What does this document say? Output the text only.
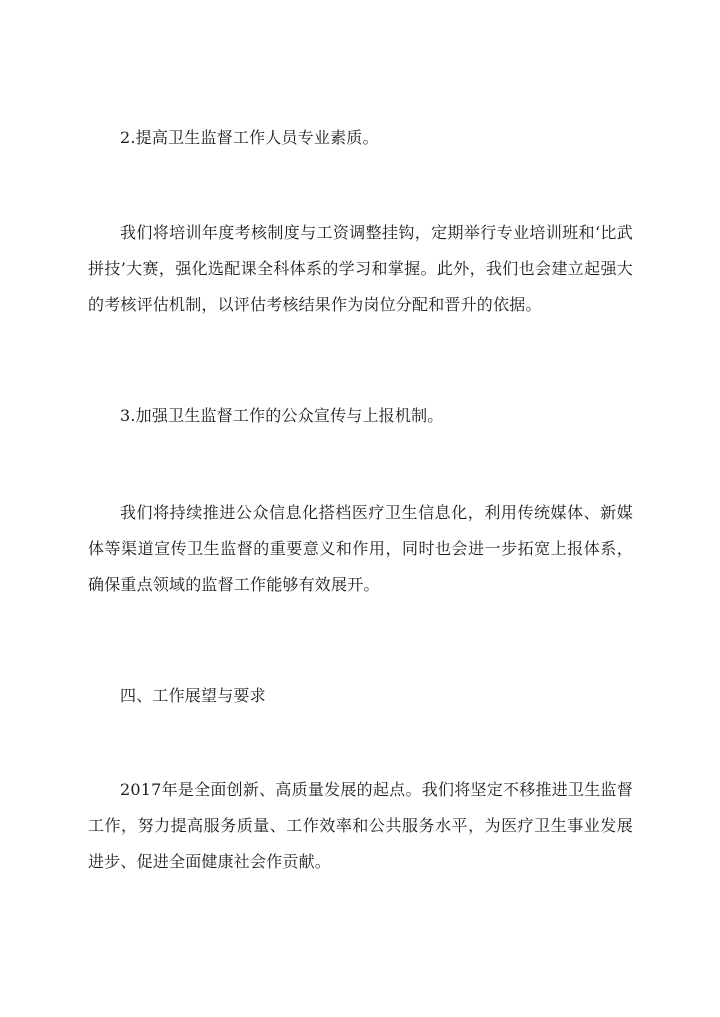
2.提高卫生监督工作人员专业素质。

我们将培训年度考核制度与工资调整挂钩，定期举行专业培训班和‘比武拼技’大赛，强化选配课全科体系的学习和掌握。此外，我们也会建立起强大的考核评估机制，以评估考核结果作为岗位分配和晋升的依据。

3.加强卫生监督工作的公众宣传与上报机制。

我们将持续推进公众信息化搭档医疗卫生信息化，利用传统媒体、新媒体等渠道宣传卫生监督的重要意义和作用，同时也会进一步拓宽上报体系，确保重点领域的监督工作能够有效展开。

四、工作展望与要求

2017年是全面创新、高质量发展的起点。我们将坚定不移推进卫生监督工作，努力提高服务质量、工作效率和公共服务水平，为医疗卫生事业发展进步、促进全面健康社会作贡献。
